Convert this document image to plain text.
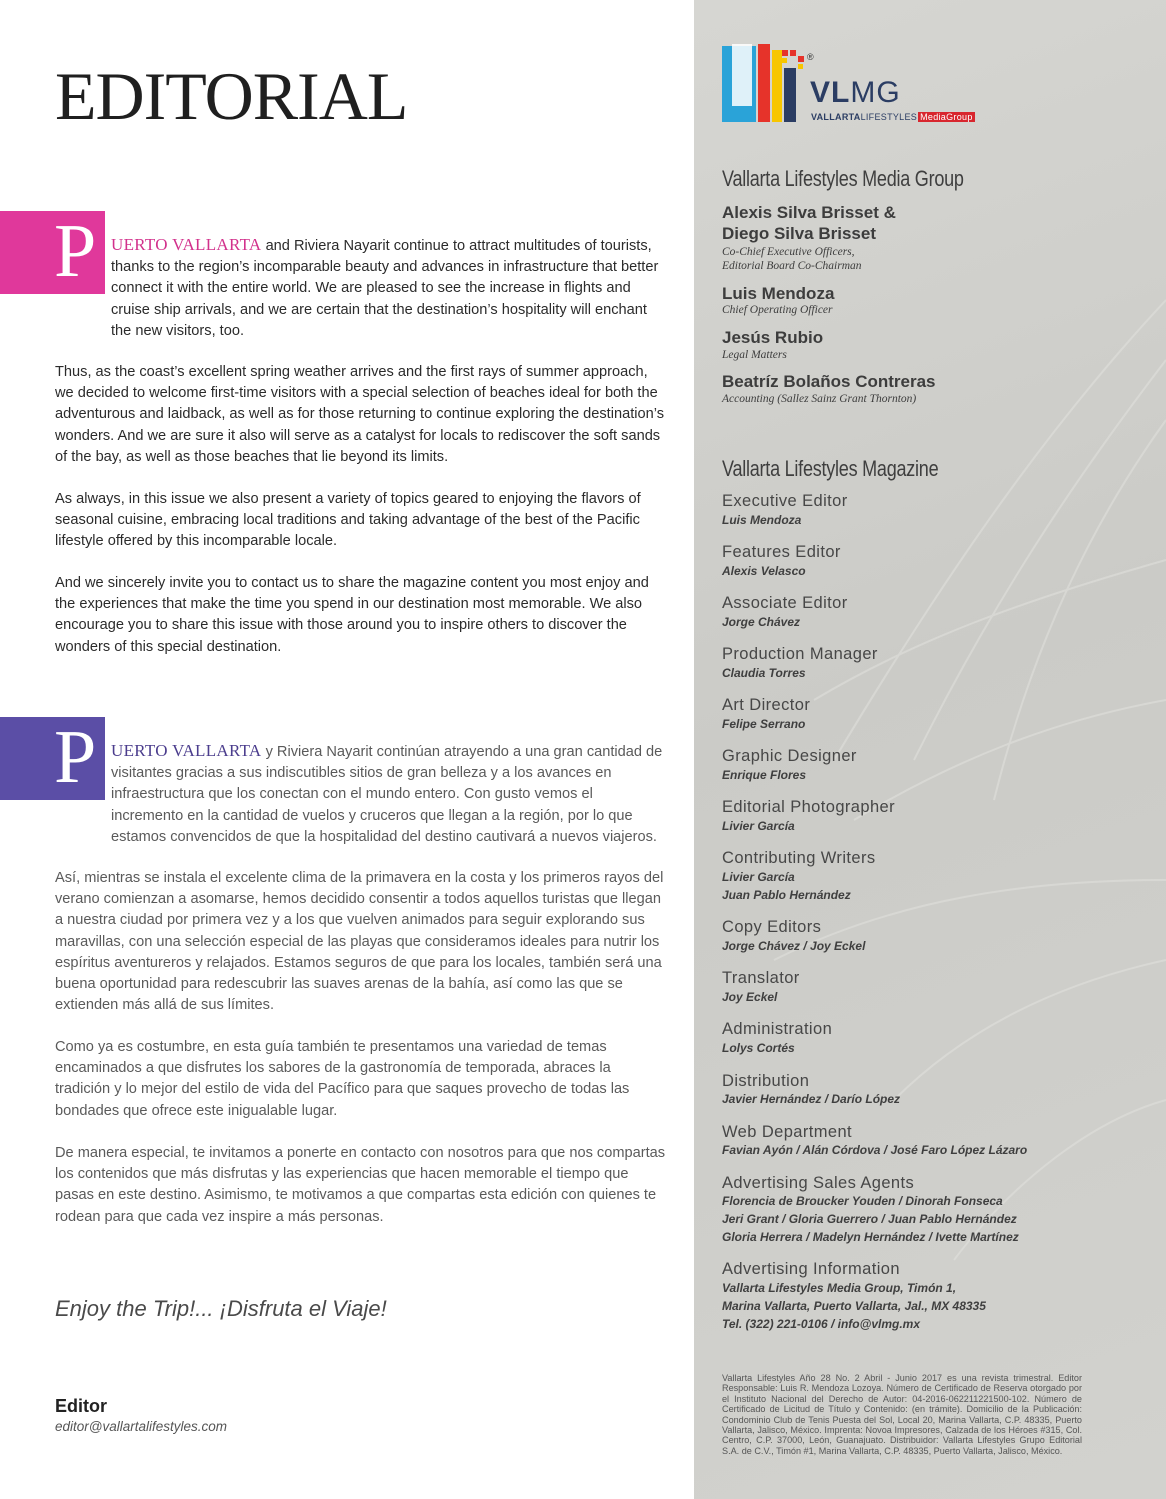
EDITORIAL
P UERTO VALLARTA and Riviera Nayarit continue to attract multitudes of tourists, thanks to the region’s incomparable beauty and advances in infrastructure that better connect it with the entire world. We are pleased to see the increase in flights and cruise ship arrivals, and we are certain that the destination’s hospitality will enchant the new visitors, too.

Thus, as the coast’s excellent spring weather arrives and the first rays of summer approach, we decided to welcome first-time visitors with a special selection of beaches ideal for both the adventurous and laidback, as well as for those returning to continue exploring the destination’s wonders. And we are sure it also will serve as a catalyst for locals to rediscover the soft sands of the bay, as well as those beaches that lie beyond its limits.

As always, in this issue we also present a variety of topics geared to enjoying the flavors of seasonal cuisine, embracing local traditions and taking advantage of the best of the Pacific lifestyle offered by this incomparable locale.

And we sincerely invite you to contact us to share the magazine content you most enjoy and the experiences that make the time you spend in our destination most memorable. We also encourage you to share this issue with those around you to inspire others to discover the wonders of this special destination.

P UERTO VALLARTA y Riviera Nayarit continúan atrayendo a una gran cantidad de visitantes gracias a sus indiscutibles sitios de gran belleza y a los avances en infraestructura que los conectan con el mundo entero. Con gusto vemos el incremento en la cantidad de vuelos y cruceros que llegan a la región, por lo que estamos convencidos de que la hospitalidad del destino cautivará a nuevos viajeros.

Así, mientras se instala el excelente clima de la primavera en la costa y los primeros rayos del verano comienzan a asomarse, hemos decidido consentir a todos aquellos turistas que llegan a nuestra ciudad por primera vez y a los que vuelven animados para seguir explorando sus maravillas, con una selección especial de las playas que consideramos ideales para nutrir los espíritus aventureros y relajados. Estamos seguros de que para los locales, también será una buena oportunidad para redescubrir las suaves arenas de la bahía, así como las que se extienden más allá de sus límites.

Como ya es costumbre, en esta guía también te presentamos una variedad de temas encaminados a que disfrutes los sabores de la gastronomía de temporada, abraces la tradición y lo mejor del estilo de vida del Pacífico para que saques provecho de todas las bondades que ofrece este inigualable lugar.

De manera especial, te invitamos a ponerte en contacto con nosotros para que nos compartas los contenidos que más disfrutas y las experiencias que hacen memorable el tiempo que pasas en este destino. Asimismo, te motivamos a que compartas esta edición con quienes te rodean para que cada vez inspire a más personas.

Enjoy the Trip!... ¡Disfruta el Viaje!

Editor
editor@vallartalifestyles.com
®
VLMG
VALLARTALIFESTYLES MediaGroup
Vallarta Lifestyles Media Group
Alexis Silva Brisset &
Diego Silva Brisset
Co-Chief Executive Officers,
Editorial Board Co-Chairman
Luis Mendoza
Chief Operating Officer
Jesús Rubio
Legal Matters
Beatríz Bolaños Contreras
Accounting (Sallez Sainz Grant Thornton)
Vallarta Lifestyles Magazine
Executive Editor
Luis Mendoza
Features Editor
Alexis Velasco
Associate Editor
Jorge Chávez
Production Manager
Claudia Torres
Art Director
Felipe Serrano
Graphic Designer
Enrique Flores
Editorial Photographer
Livier García
Contributing Writers
Livier García
Juan Pablo Hernández
Copy Editors
Jorge Chávez / Joy Eckel
Translator
Joy Eckel
Administration
Lolys Cortés
Distribution
Javier Hernández / Darío López
Web Department
Favian Ayón / Alán Córdova / José Faro López Lázaro
Advertising Sales Agents
Florencia de Broucker Youden / Dinorah Fonseca
Jeri Grant / Gloria Guerrero / Juan Pablo Hernández
Gloria Herrera / Madelyn Hernández / Ivette Martínez
Advertising Information
Vallarta Lifestyles Media Group, Timón 1,
Marina Vallarta, Puerto Vallarta, Jal., MX 48335
Tel. (322) 221-0106 / info@vlmg.mx

Vallarta Lifestyles Año 28 No. 2 Abril - Junio 2017 es una revista trimestral. Editor Responsable: Luis R. Mendoza Lozoya. Número de Certificado de Reserva otorgado por el Instituto Nacional del Derecho de Autor: 04-2016-062211221500-102. Número de Certificado de Licitud de Título y Contenido: (en trámite). Domicilio de la Publicación: Condominio Club de Tenis Puesta del Sol, Local 20, Marina Vallarta, C.P. 48335, Puerto Vallarta, Jalisco, México. Imprenta: Novoa Impresores, Calzada de los Héroes #315, Col. Centro, C.P. 37000, León, Guanajuato. Distribuidor: Vallarta Lifestyles Grupo Editorial S.A. de C.V., Timón #1, Marina Vallarta, C.P. 48335, Puerto Vallarta, Jalisco, México.
